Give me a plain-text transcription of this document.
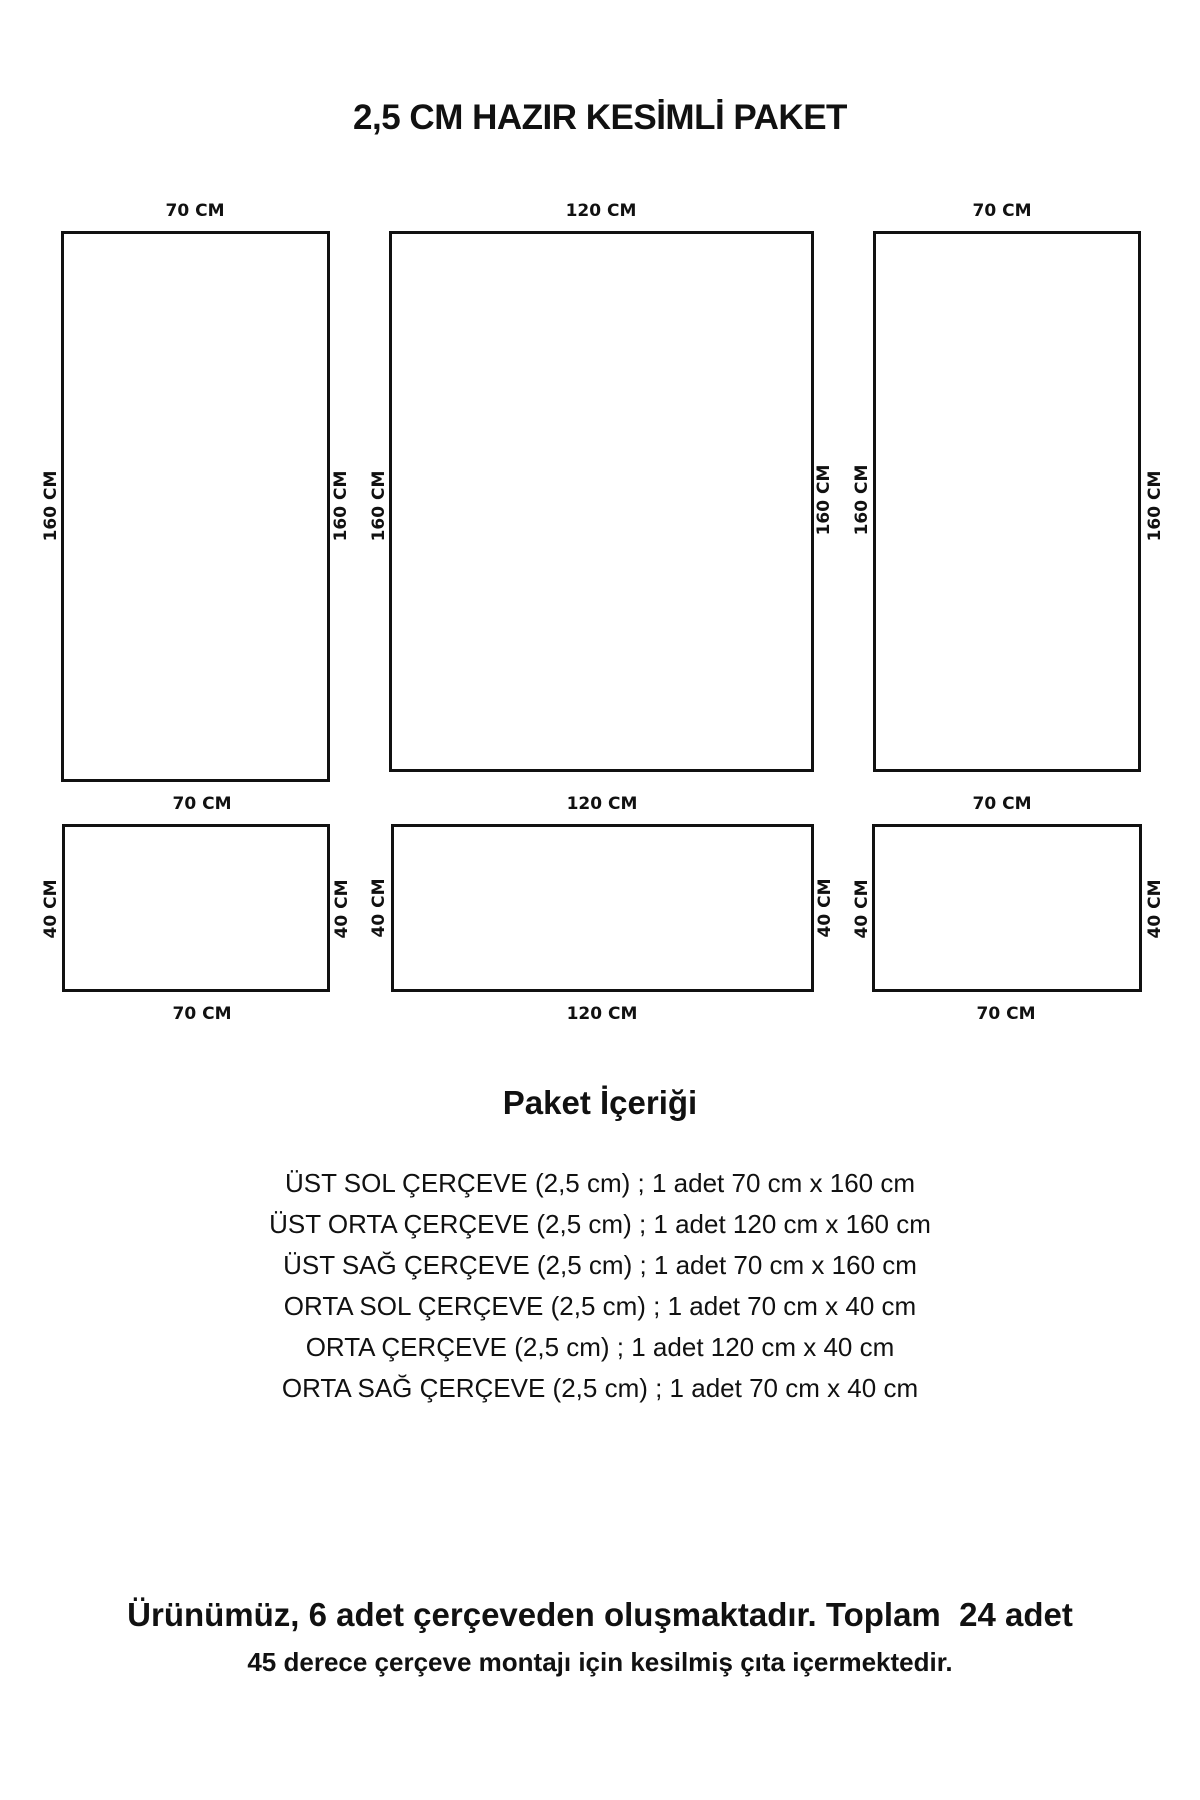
2,5 CM HAZIR KESİMLİ PAKET
70 CM
160 CM	160 CM
70 CM
120 CM
160 CM	160 CM
120 CM
70 CM
160 CM	160 CM
70 CM
40 CM	40 CM
70 CM
40 CM	40 CM
120 CM
40 CM	40 CM
70 CM
Paket İçeriği
ÜST SOL ÇERÇEVE (2,5 cm) ; 1 adet 70 cm x 160 cm
ÜST ORTA ÇERÇEVE (2,5 cm) ; 1 adet 120 cm x 160 cm
ÜST SAĞ ÇERÇEVE (2,5 cm) ; 1 adet 70 cm x 160 cm
ORTA SOL ÇERÇEVE (2,5 cm) ; 1 adet 70 cm x 40 cm
ORTA ÇERÇEVE (2,5 cm) ; 1 adet 120 cm x 40 cm
ORTA SAĞ ÇERÇEVE (2,5 cm) ; 1 adet 70 cm x 40 cm
Ürünümüz, 6 adet çerçeveden oluşmaktadır. Toplam  24 adet
45 derece çerçeve montajı için kesilmiş çıta içermektedir.
